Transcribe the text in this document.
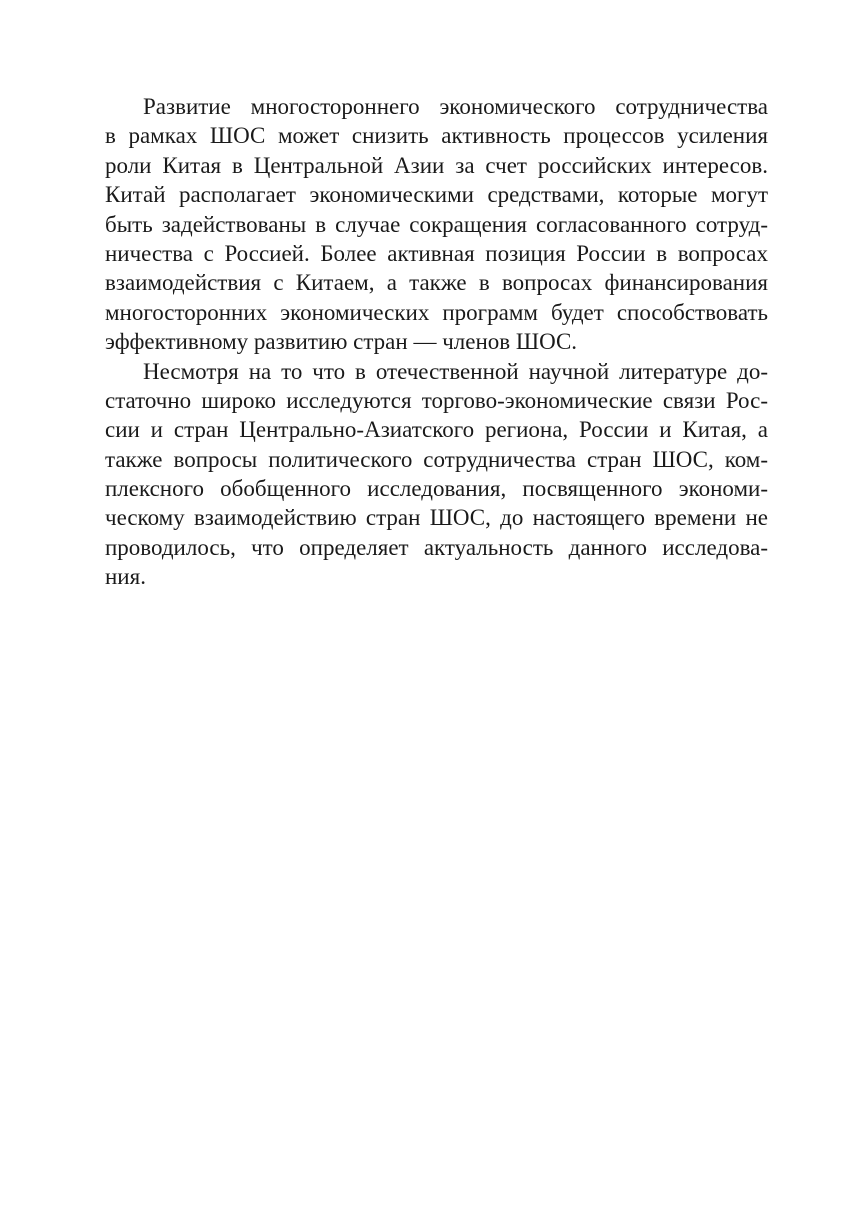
Развитие многостороннего экономического сотрудничества
в рамках ШОС может снизить активность процессов усиления
роли Китая в Центральной Азии за счет российских интересов.
Китай располагает экономическими средствами, которые могут
быть задействованы в случае сокращения согласованного сотруд-
ничества с Россией. Более активная позиция России в вопросах
взаимодействия с Китаем, а также в вопросах финансирования
многосторонних экономических программ будет способствовать
эффективному развитию стран — членов ШОС.
Несмотря на то что в отечественной научной литературе до-
статочно широко исследуются торгово-экономические связи Рос-
сии и стран Центрально-Азиатского региона, России и Китая, а
также вопросы политического сотрудничества стран ШОС, ком-
плексного обобщенного исследования, посвященного экономи-
ческому взаимодействию стран ШОС, до настоящего времени не
проводилось, что определяет актуальность данного исследова-
ния.
